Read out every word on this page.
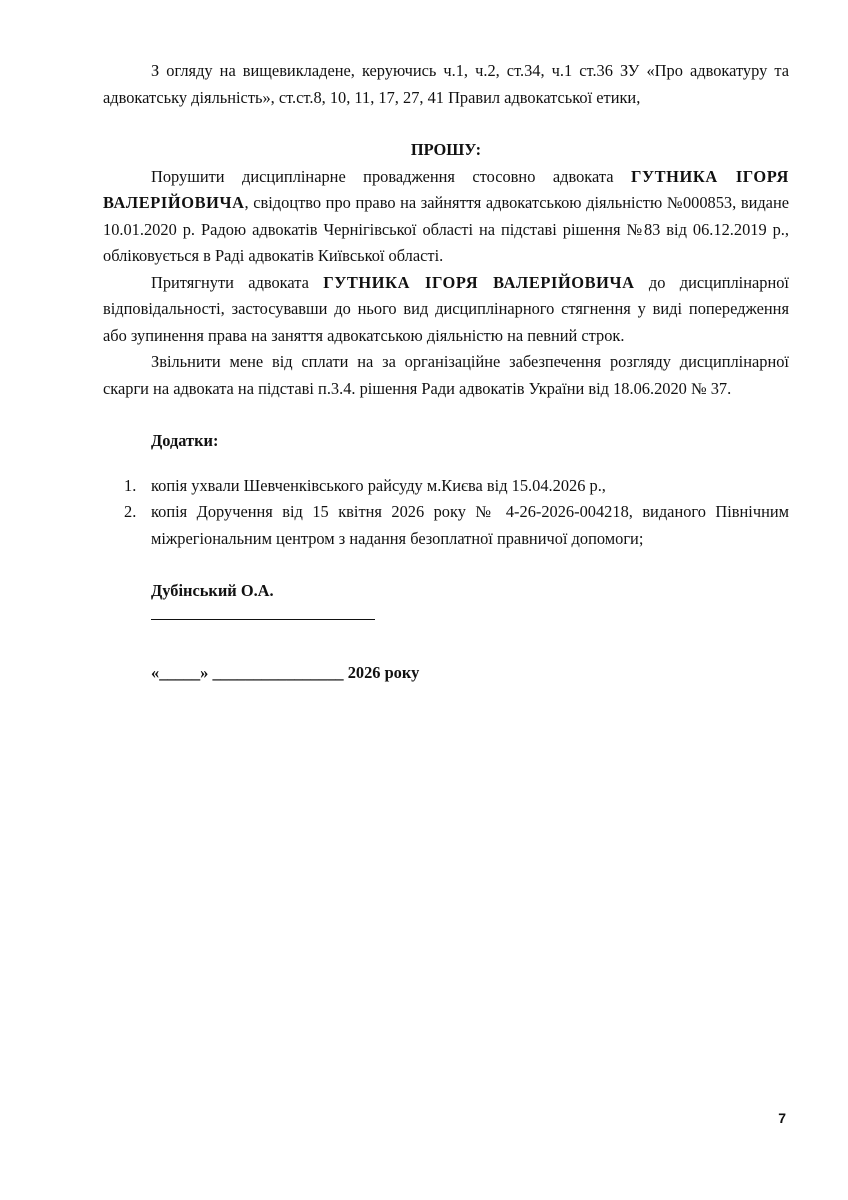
З огляду на вищевикладене, керуючись ч.1, ч.2, ст.34, ч.1 ст.36 ЗУ «Про адвокатуру та адвокатську діяльність», ст.ст.8, 10, 11, 17, 27, 41 Правил адвокатської етики,

ПРОШУ:

Порушити дисциплінарне провадження стосовно адвоката ГУТНИКА ІГОРЯ ВАЛЕРІЙОВИЧА, свідоцтво про право на зайняття адвокатською діяльністю №000853, видане 10.01.2020 р. Радою адвокатів Чернігівської області на підставі рішення №83 від 06.12.2019 р., обліковується в Раді адвокатів Київської області.

Притягнути адвоката ГУТНИКА ІГОРЯ ВАЛЕРІЙОВИЧА до дисциплінарної відповідальності, застосувавши до нього вид дисциплінарного стягнення у виді попередження або зупинення права на заняття адвокатською діяльністю на певний строк.

Звільнити мене від сплати на за організаційне забезпечення розгляду дисциплінарної скарги на адвоката на підставі п.3.4. рішення Ради адвокатів України від 18.06.2020 № 37.

Додатки:
1. копія ухвали Шевченківського райсуду м.Києва від 15.04.2026 р.,
2. копія Доручення від 15 квітня 2026 року № 4-26-2026-004218, виданого Північним міжрегіональним центром з надання безоплатної правничої допомоги;
Дубінський О.А.
«_____» ________________ 2026 року
7
